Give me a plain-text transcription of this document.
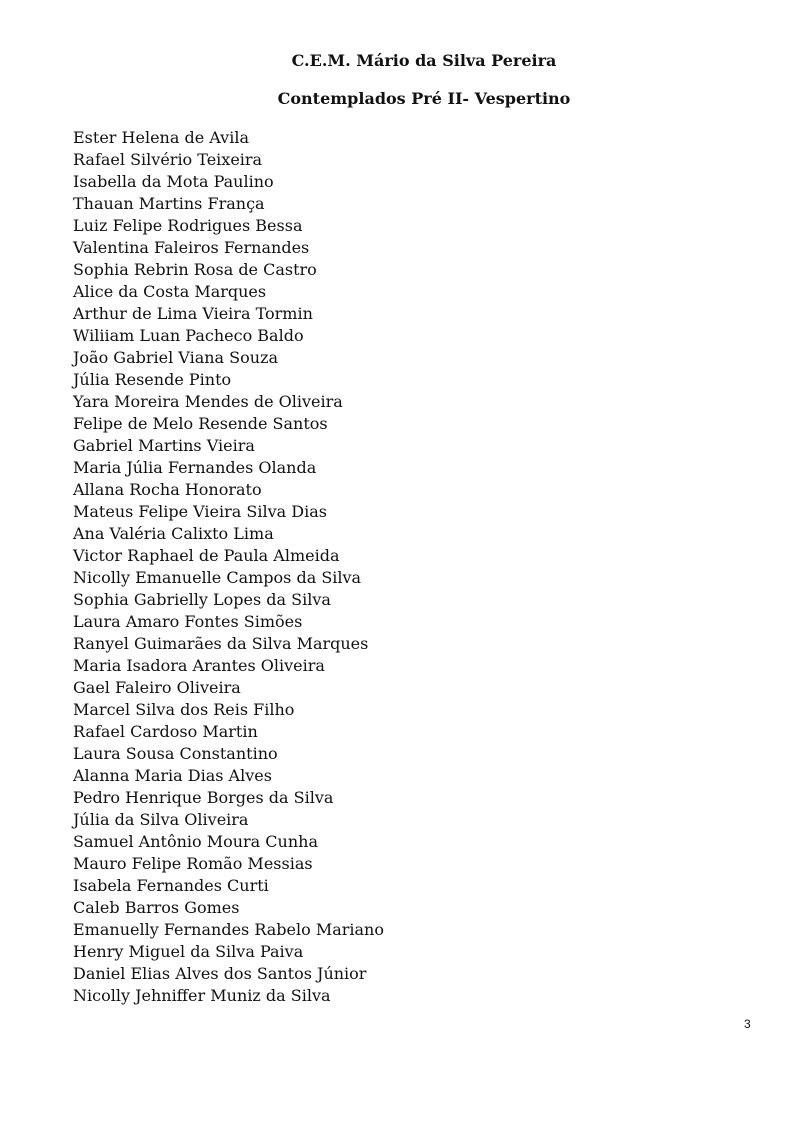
C.E.M. Mário da Silva Pereira
Contemplados Pré II- Vespertino
Ester Helena de Avila
Rafael Silvério Teixeira
Isabella da Mota Paulino
Thauan Martins França
Luiz Felipe Rodrigues Bessa
Valentina Faleiros Fernandes
Sophia Rebrin Rosa de Castro
Alice da Costa Marques
Arthur de Lima Vieira Tormin
Wiliiam Luan Pacheco Baldo
João Gabriel Viana Souza
Júlia Resende Pinto
Yara Moreira Mendes de Oliveira
Felipe de Melo Resende Santos
Gabriel Martins Vieira
Maria Júlia Fernandes Olanda
Allana Rocha Honorato
Mateus Felipe Vieira Silva Dias
Ana Valéria Calixto Lima
Victor Raphael de Paula Almeida
Nicolly Emanuelle Campos da Silva
Sophia Gabrielly Lopes da Silva
Laura Amaro Fontes Simões
Ranyel Guimarães da Silva Marques
Maria Isadora Arantes Oliveira
Gael Faleiro Oliveira
Marcel Silva dos Reis Filho
Rafael Cardoso Martin
Laura Sousa Constantino
Alanna Maria Dias Alves
Pedro Henrique Borges da Silva
Júlia da Silva Oliveira
Samuel Antônio Moura Cunha
Mauro Felipe Romão Messias
Isabela Fernandes Curti
Caleb Barros Gomes
Emanuelly Fernandes Rabelo Mariano
Henry Miguel da Silva Paiva
Daniel Elias Alves dos Santos Júnior
Nicolly Jehniffer Muniz da Silva
3
